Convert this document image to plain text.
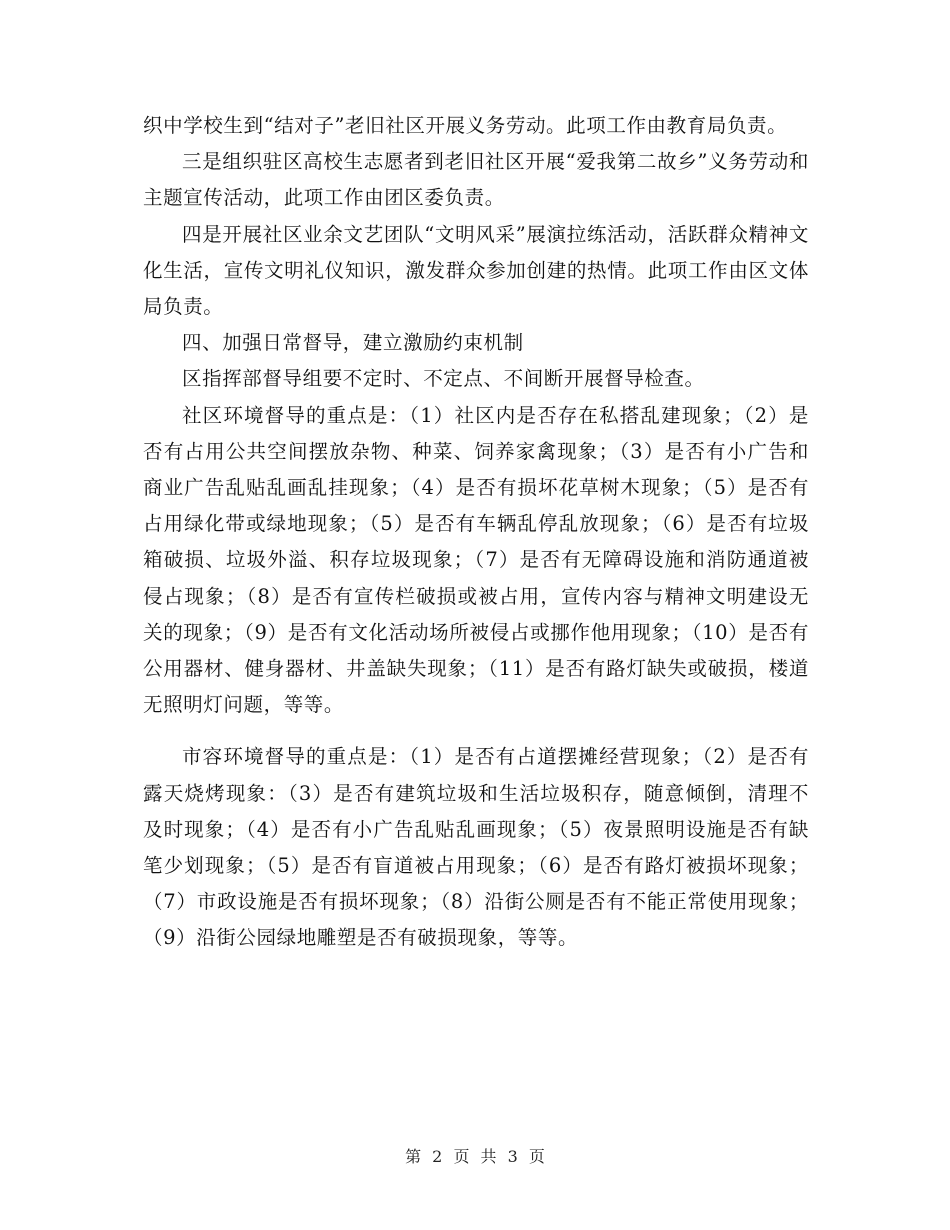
织中学校生到“结对子”老旧社区开展义务劳动。此项工作由教育局负责。

三是组织驻区高校生志愿者到老旧社区开展“爱我第二故乡”义务劳动和主题宣传活动，此项工作由团区委负责。

四是开展社区业余文艺团队“文明风采”展演拉练活动，活跃群众精神文化生活，宣传文明礼仪知识，激发群众参加创建的热情。此项工作由区文体局负责。

四、加强日常督导，建立激励约束机制

区指挥部督导组要不定时、不定点、不间断开展督导检查。

社区环境督导的重点是：（1）社区内是否存在私搭乱建现象；（2）是否有占用公共空间摆放杂物、种菜、饲养家禽现象；（3）是否有小广告和商业广告乱贴乱画乱挂现象；（4）是否有损坏花草树木现象；（5）是否有占用绿化带或绿地现象；（5）是否有车辆乱停乱放现象；（6）是否有垃圾箱破损、垃圾外溢、积存垃圾现象；（7）是否有无障碍设施和消防通道被侵占现象；（8）是否有宣传栏破损或被占用，宣传内容与精神文明建设无关的现象；（9）是否有文化活动场所被侵占或挪作他用现象；（10）是否有公用器材、健身器材、井盖缺失现象；（11）是否有路灯缺失或破损，楼道无照明灯问题，等等。

市容环境督导的重点是：（1）是否有占道摆摊经营现象；（2）是否有露天烧烤现象：（3）是否有建筑垃圾和生活垃圾积存，随意倾倒，清理不及时现象；（4）是否有小广告乱贴乱画现象；（5）夜景照明设施是否有缺笔少划现象；（5）是否有盲道被占用现象；（6）是否有路灯被损坏现象；（7）市政设施是否有损坏现象；（8）沿街公厕是否有不能正常使用现象；（9）沿街公园绿地雕塑是否有破损现象，等等。

第 2 页 共 3 页
